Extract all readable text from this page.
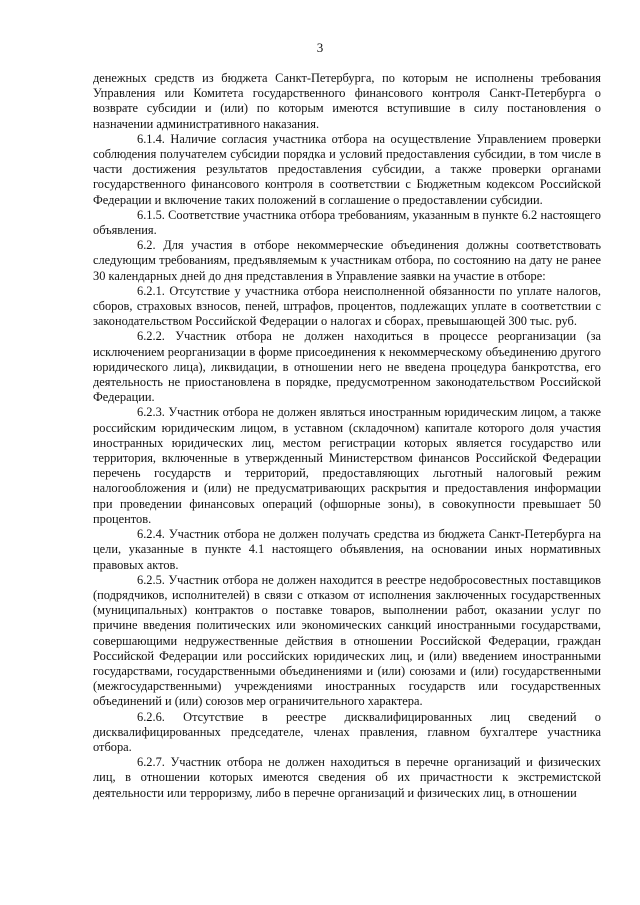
3

денежных средств из бюджета Санкт-Петербурга, по которым не исполнены требования Управления или Комитета государственного финансового контроля Санкт-Петербурга о возврате субсидии и (или) по которым имеются вступившие в силу постановления о назначении административного наказания.

6.1.4. Наличие согласия участника отбора на осуществление Управлением проверки соблюдения получателем субсидии порядка и условий предоставления субсидии, в том числе в части достижения результатов предоставления субсидии, а также проверки органами государственного финансового контроля в соответствии с Бюджетным кодексом Российской Федерации и включение таких положений в соглашение о предоставлении субсидии.

6.1.5. Соответствие участника отбора требованиям, указанным в пункте 6.2 настоящего объявления.

6.2. Для участия в отборе некоммерческие объединения должны соответствовать следующим требованиям, предъявляемым к участникам отбора, по состоянию на дату не ранее 30 календарных дней до дня представления в Управление заявки на участие в отборе:

6.2.1. Отсутствие у участника отбора неисполненной обязанности по уплате налогов, сборов, страховых взносов, пеней, штрафов, процентов, подлежащих уплате в соответствии с законодательством Российской Федерации о налогах и сборах, превышающей 300 тыс. руб.

6.2.2. Участник отбора не должен находиться в процессе реорганизации (за исключением реорганизации в форме присоединения к некоммерческому объединению другого юридического лица), ликвидации, в отношении него не введена процедура банкротства, его деятельность не приостановлена в порядке, предусмотренном законодательством Российской Федерации.

6.2.3. Участник отбора не должен являться иностранным юридическим лицом, а также российским юридическим лицом, в уставном (складочном) капитале которого доля участия иностранных юридических лиц, местом регистрации которых является государство или территория, включенные в утвержденный Министерством финансов Российской Федерации перечень государств и территорий, предоставляющих льготный налоговый режим налогообложения и (или) не предусматривающих раскрытия и предоставления информации при проведении финансовых операций (офшорные зоны), в совокупности превышает 50 процентов.

6.2.4. Участник отбора не должен получать средства из бюджета Санкт-Петербурга на цели, указанные в пункте 4.1 настоящего объявления, на основании иных нормативных правовых актов.

6.2.5. Участник отбора не должен находится в реестре недобросовестных поставщиков (подрядчиков, исполнителей) в связи с отказом от исполнения заключенных государственных (муниципальных) контрактов о поставке товаров, выполнении работ, оказании услуг по причине введения политических или экономических санкций иностранными государствами, совершающими недружественные действия в отношении Российской Федерации, граждан Российской Федерации или российских юридических лиц, и (или) введением иностранными государствами, государственными объединениями и (или) союзами и (или) государственными (межгосударственными) учреждениями иностранных государств или государственных объединений и (или) союзов мер ограничительного характера.

6.2.6. Отсутствие в реестре дисквалифицированных лиц сведений о дисквалифицированных председателе, членах правления, главном бухгалтере участника отбора.

6.2.7. Участник отбора не должен находиться в перечне организаций и физических лиц, в отношении которых имеются сведения об их причастности к экстремистской деятельности или терроризму, либо в перечне организаций и физических лиц, в отношении
